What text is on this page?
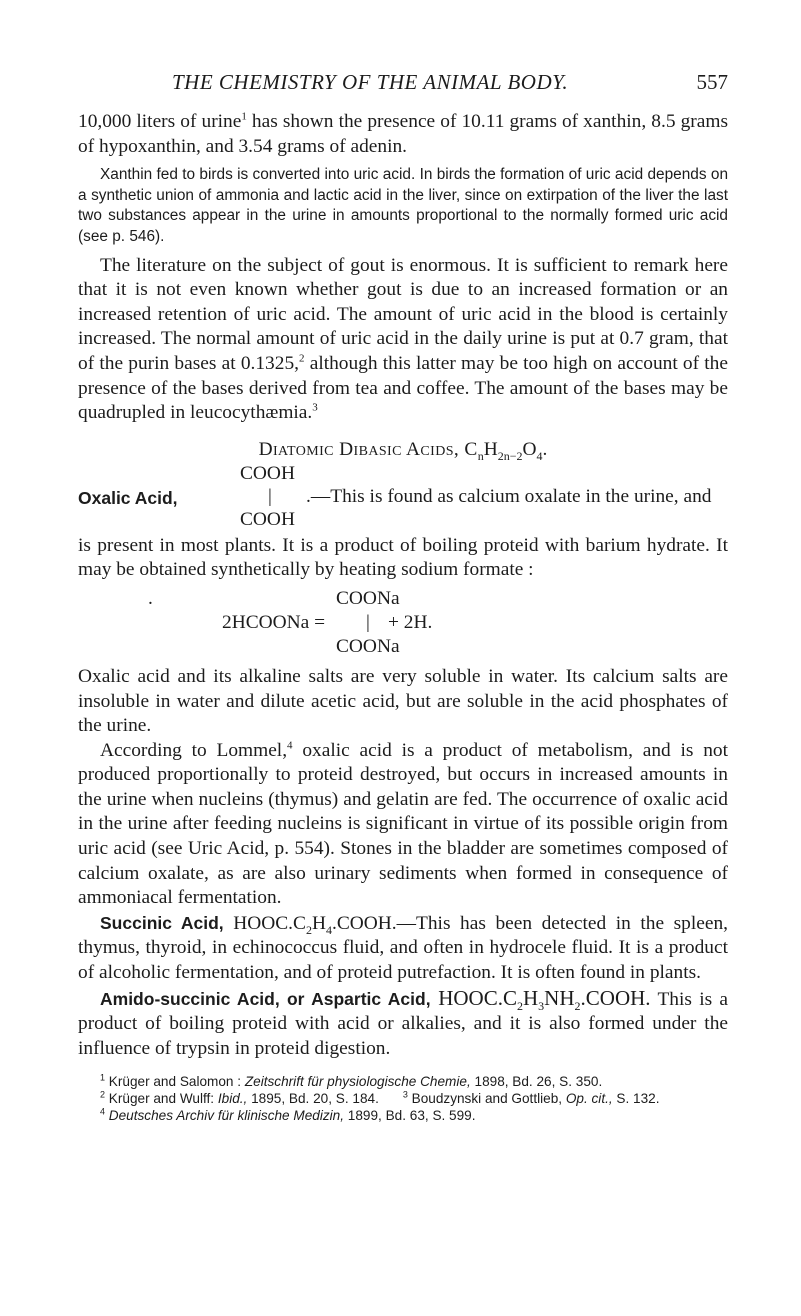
THE CHEMISTRY OF THE ANIMAL BODY.	557

10,000 liters of urine$^1$ has shown the presence of 10.11 grams of xanthin, 8.5 grams of hypoxanthin, and 3.54 grams of adenin.

Xanthin fed to birds is converted into uric acid. In birds the formation of uric acid depends on a synthetic union of ammonia and lactic acid in the liver, since on extirpation of the liver the last two substances appear in the urine in amounts proportional to the normally formed uric acid (see p. 546).

The literature on the subject of gout is enormous. It is sufficient to remark here that it is not even known whether gout is due to an increased formation or an increased retention of uric acid. The amount of uric acid in the blood is certainly increased. The normal amount of uric acid in the daily urine is put at 0.7 gram, that of the purin bases at 0.1325,$^2$ although this latter may be too high on account of the presence of the bases derived from tea and coffee. The amount of the bases may be quadrupled in leucocythæmia.$^3$

Diatomic Dibasic Acids, $C_nH_{2n-2}O_4$.
COOH
Oxalic Acid,	| .—This is found as calcium oxalate in the urine, and
COOH

is present in most plants. It is a product of boiling proteid with barium hydrate. It may be obtained synthetically by heating sodium formate :

.	COONa
2HCOONa = | + 2H.
COONa

Oxalic acid and its alkaline salts are very soluble in water. Its calcium salts are insoluble in water and dilute acetic acid, but are soluble in the acid phosphates of the urine.

According to Lommel,$^4$ oxalic acid is a product of metabolism, and is not produced proportionally to proteid destroyed, but occurs in increased amounts in the urine when nucleins (thymus) and gelatin are fed. The occurrence of oxalic acid in the urine after feeding nucleins is significant in virtue of its possible origin from uric acid (see Uric Acid, p. 554). Stones in the bladder are sometimes composed of calcium oxalate, as are also urinary sediments when formed in consequence of ammoniacal fermentation.

Succinic Acid, $HOOC.C_2H_4.COOH.—This$ has been detected in the spleen, thymus, thyroid, in echinococcus fluid, and often in hydrocele fluid. It is a product of alcoholic fermentation, and of proteid putrefaction. It is often found in plants.

Amido-succinic Acid, or Aspartic Acid, $HOOC.C_2H_3NH_2.COOH$. This is a product of boiling proteid with acid or alkalies, and it is also formed under the influence of trypsin in proteid digestion.

$^1$ Krüger and Salomon : Zeitschrift für physiologische Chemie, 1898, Bd. 26, S. 350.

$^2$ Krüger and Wulff: Ibid., 1895, Bd. 20, S. 184.	$^3$ Boudzynski and Gottlieb, Op. cit., S. 132.

$^4$ Deutsches Archiv für klinische Medizin, 1899, Bd. 63, S. 599.
